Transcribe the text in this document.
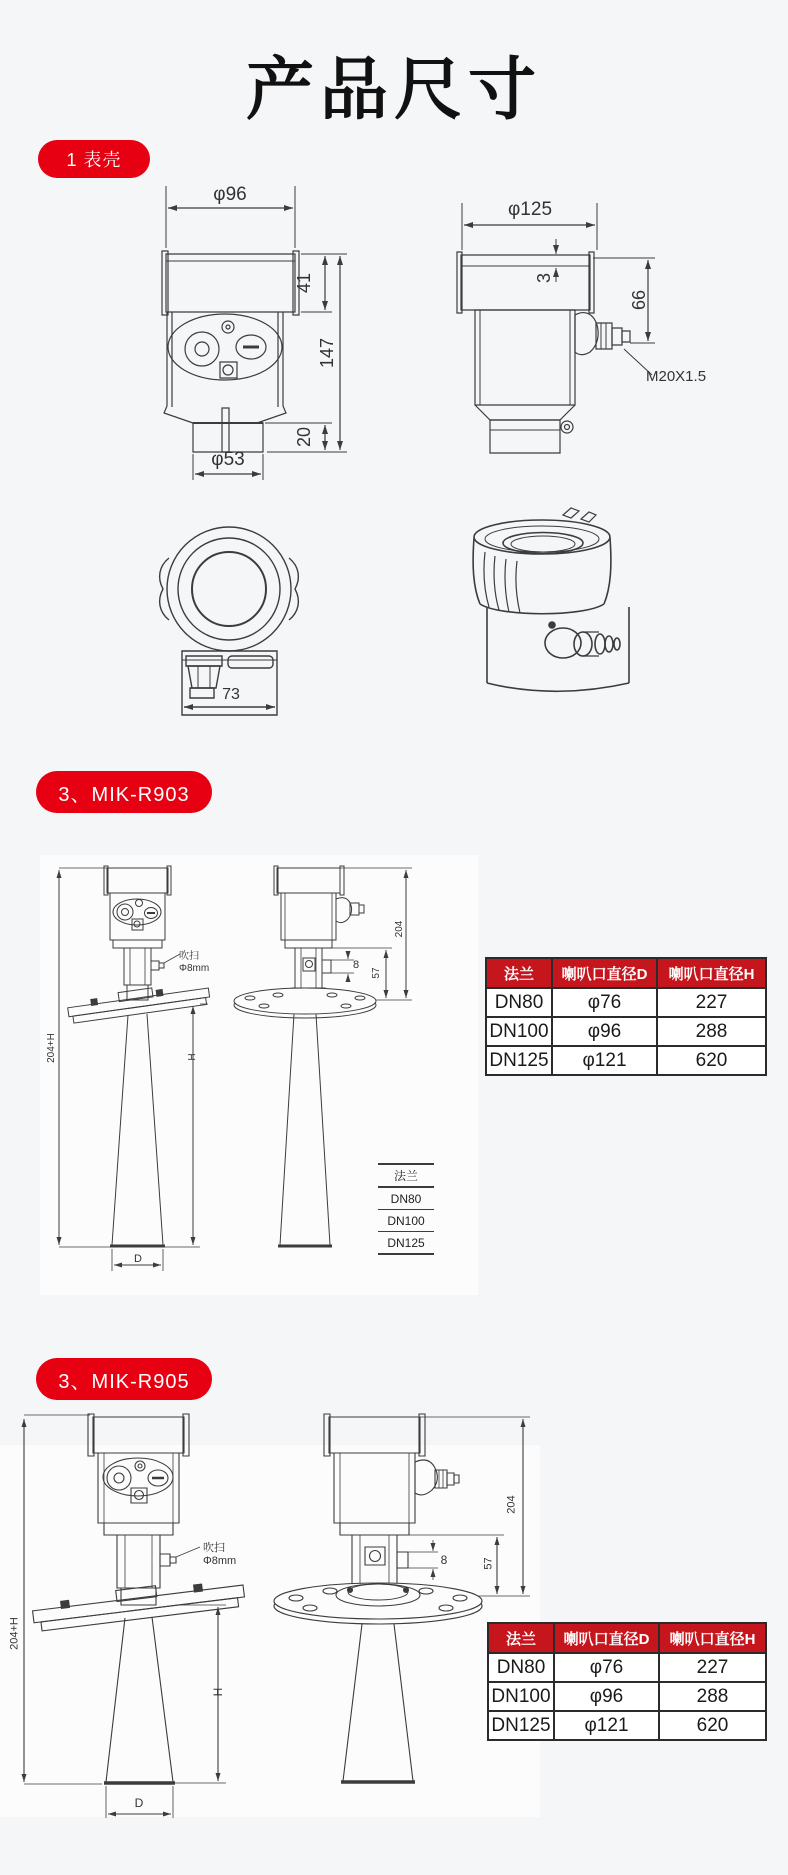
产品尺寸
1 表壳
3、MIK-R903
3、MIK-R905
φ96
41
147
20
φ53
φ125
3
66
M20X1.5
73
吹扫
Φ8mm
204+H	H
D
204
8
57
法兰
DN80
DN100
DN125
法兰	喇叭口直径D	喇叭口直径H
DN80	φ76	227
DN100	φ96	288
DN125	φ121	620
吹扫
Φ8mm
204+H
H
D
204
8	57
法兰	喇叭口直径D	喇叭口直径H
DN80	φ76	227
DN100	φ96	288
DN125	φ121	620
